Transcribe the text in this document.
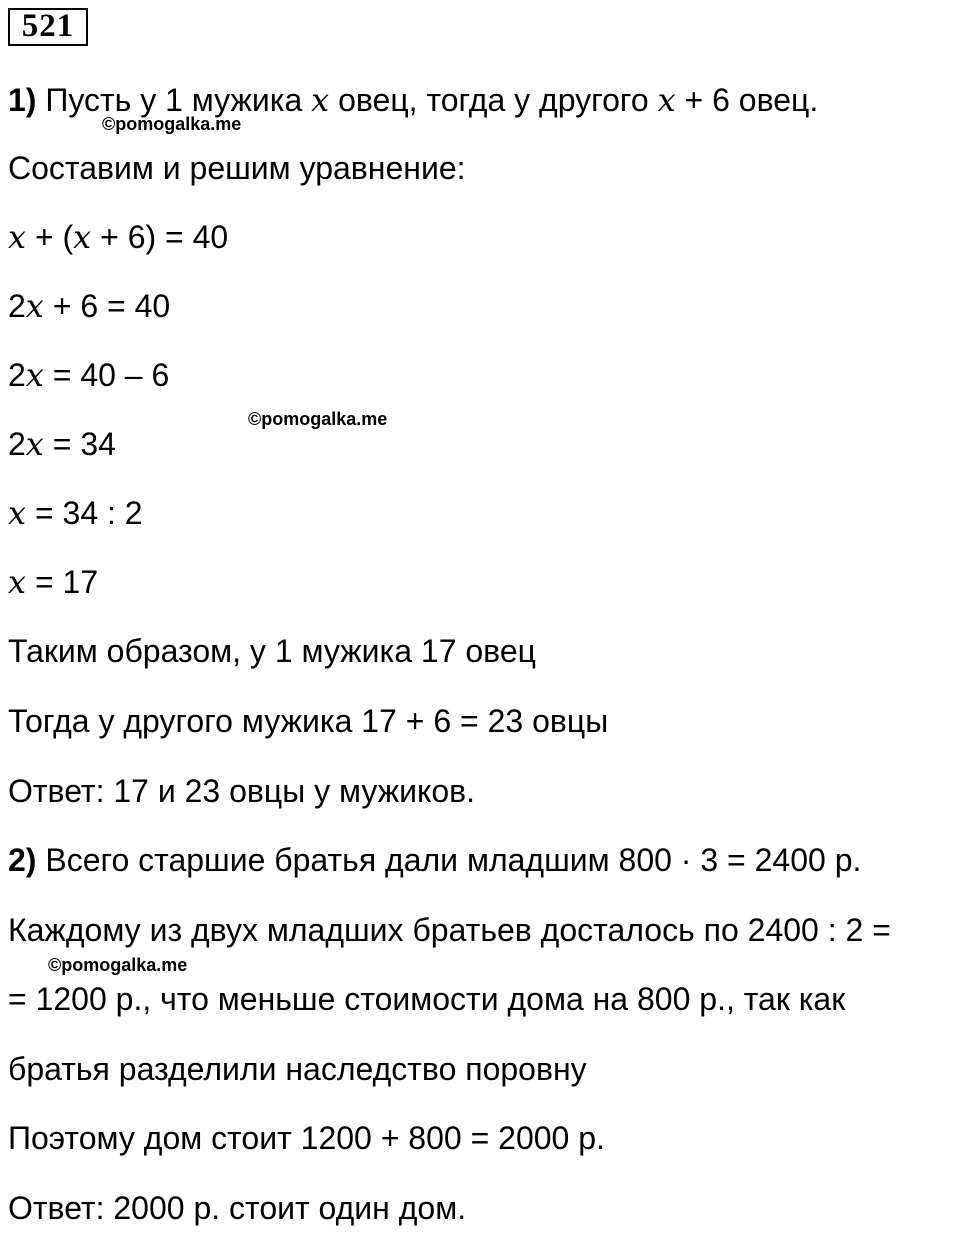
521
1) Пусть у 1 мужика x овец, тогда у другого x + 6 овец.
©pomogalka.me
Составим и решим уравнение:
x + (x + 6) = 40
2x + 6 = 40
2x = 40 – 6
©pomogalka.me
2x = 34
x = 34 : 2
x = 17
Таким образом, у 1 мужика 17 овец
Тогда у другого мужика 17 + 6 = 23 овцы
Ответ: 17 и 23 овцы у мужиков.
2) Всего старшие братья дали младшим 800 · 3 = 2400 р.
Каждому из двух младших братьев досталось по 2400 : 2 =
©pomogalka.me
= 1200 р., что меньше стоимости дома на 800 р., так как
братья разделили наследство поровну
Поэтому дом стоит 1200 + 800 = 2000 р.
Ответ: 2000 р. стоит один дом.
